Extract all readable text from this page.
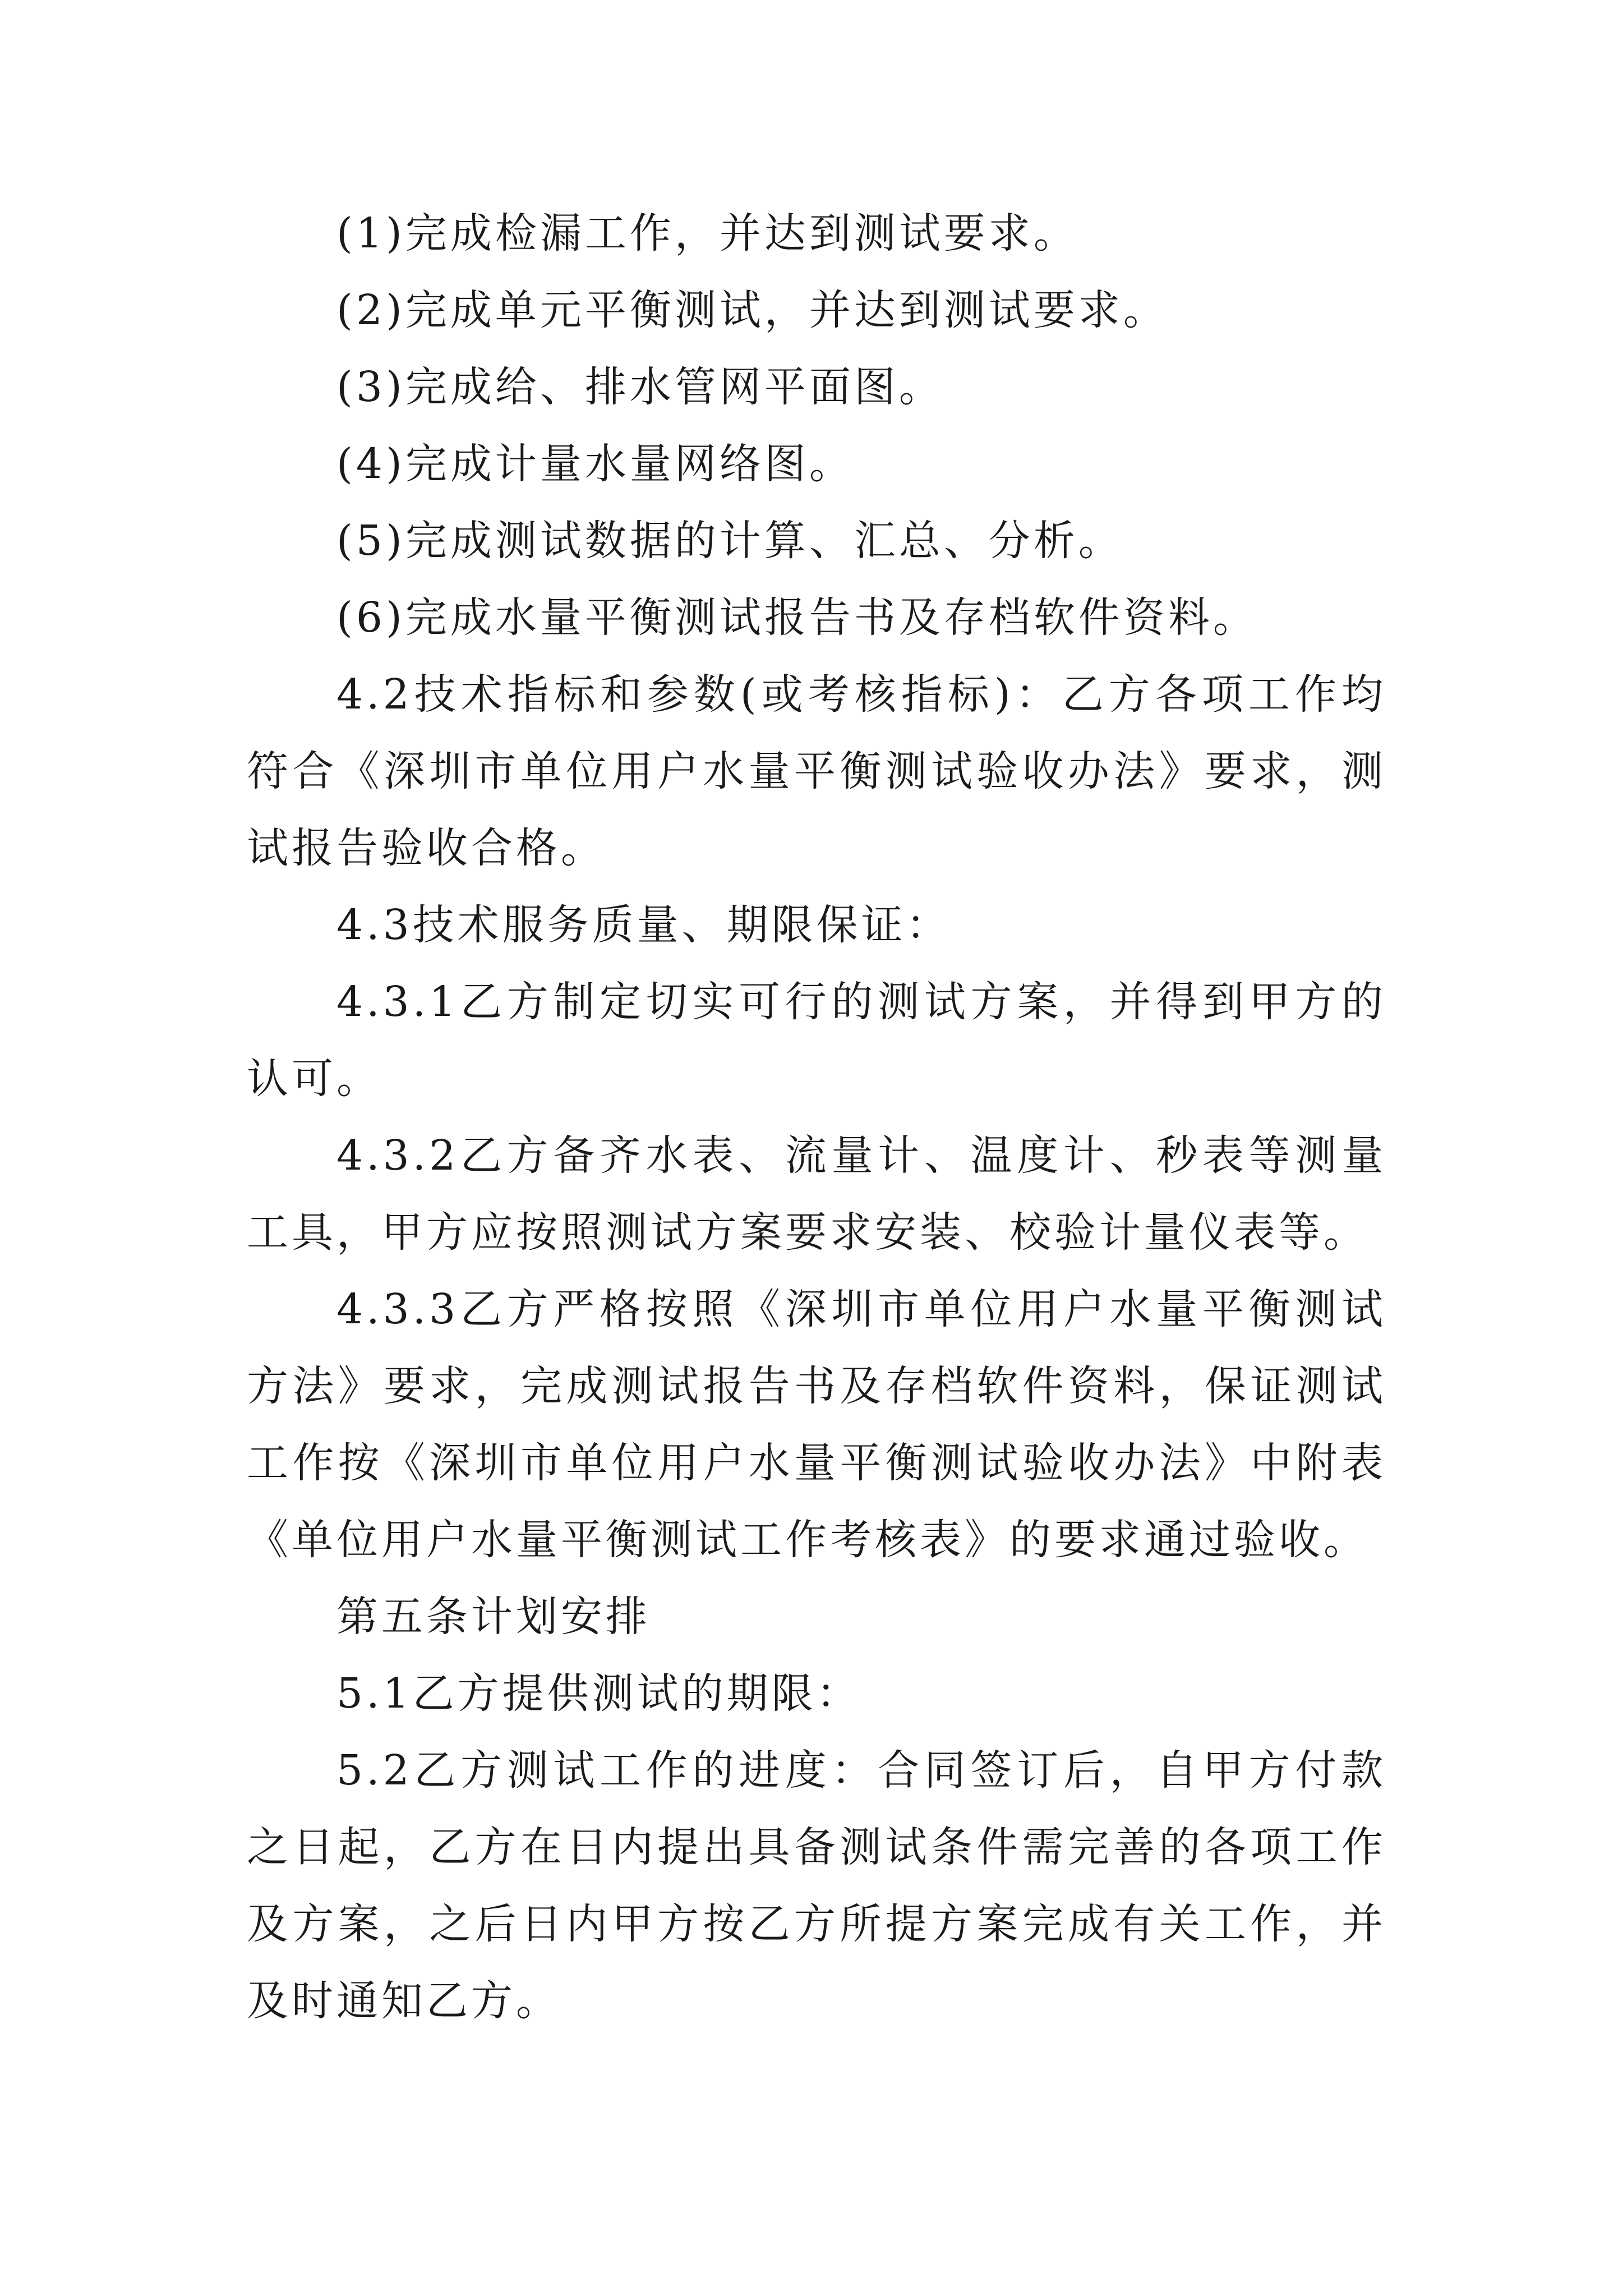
(1)完成检漏工作，并达到测试要求。

(2)完成单元平衡测试，并达到测试要求。

(3)完成给、排水管网平面图。

(4)完成计量水量网络图。

(5)完成测试数据的计算、汇总、分析。

(6)完成水量平衡测试报告书及存档软件资料。

4.2技术指标和参数(或考核指标)：乙方各项工作均符合《深圳市单位用户水量平衡测试验收办法》要求，测试报告验收合格。

4.3技术服务质量、期限保证：

4.3.1乙方制定切实可行的测试方案，并得到甲方的认可。

4.3.2乙方备齐水表、流量计、温度计、秒表等测量工具，甲方应按照测试方案要求安装、校验计量仪表等。

4.3.3乙方严格按照《深圳市单位用户水量平衡测试方法》要求，完成测试报告书及存档软件资料，保证测试工作按《深圳市单位用户水量平衡测试验收办法》中附表《单位用户水量平衡测试工作考核表》的要求通过验收。

第五条计划安排

5.1乙方提供测试的期限：

5.2乙方测试工作的进度：合同签订后，自甲方付款之日起，乙方在日内提出具备测试条件需完善的各项工作及方案，之后日内甲方按乙方所提方案完成有关工作，并及时通知乙方。
